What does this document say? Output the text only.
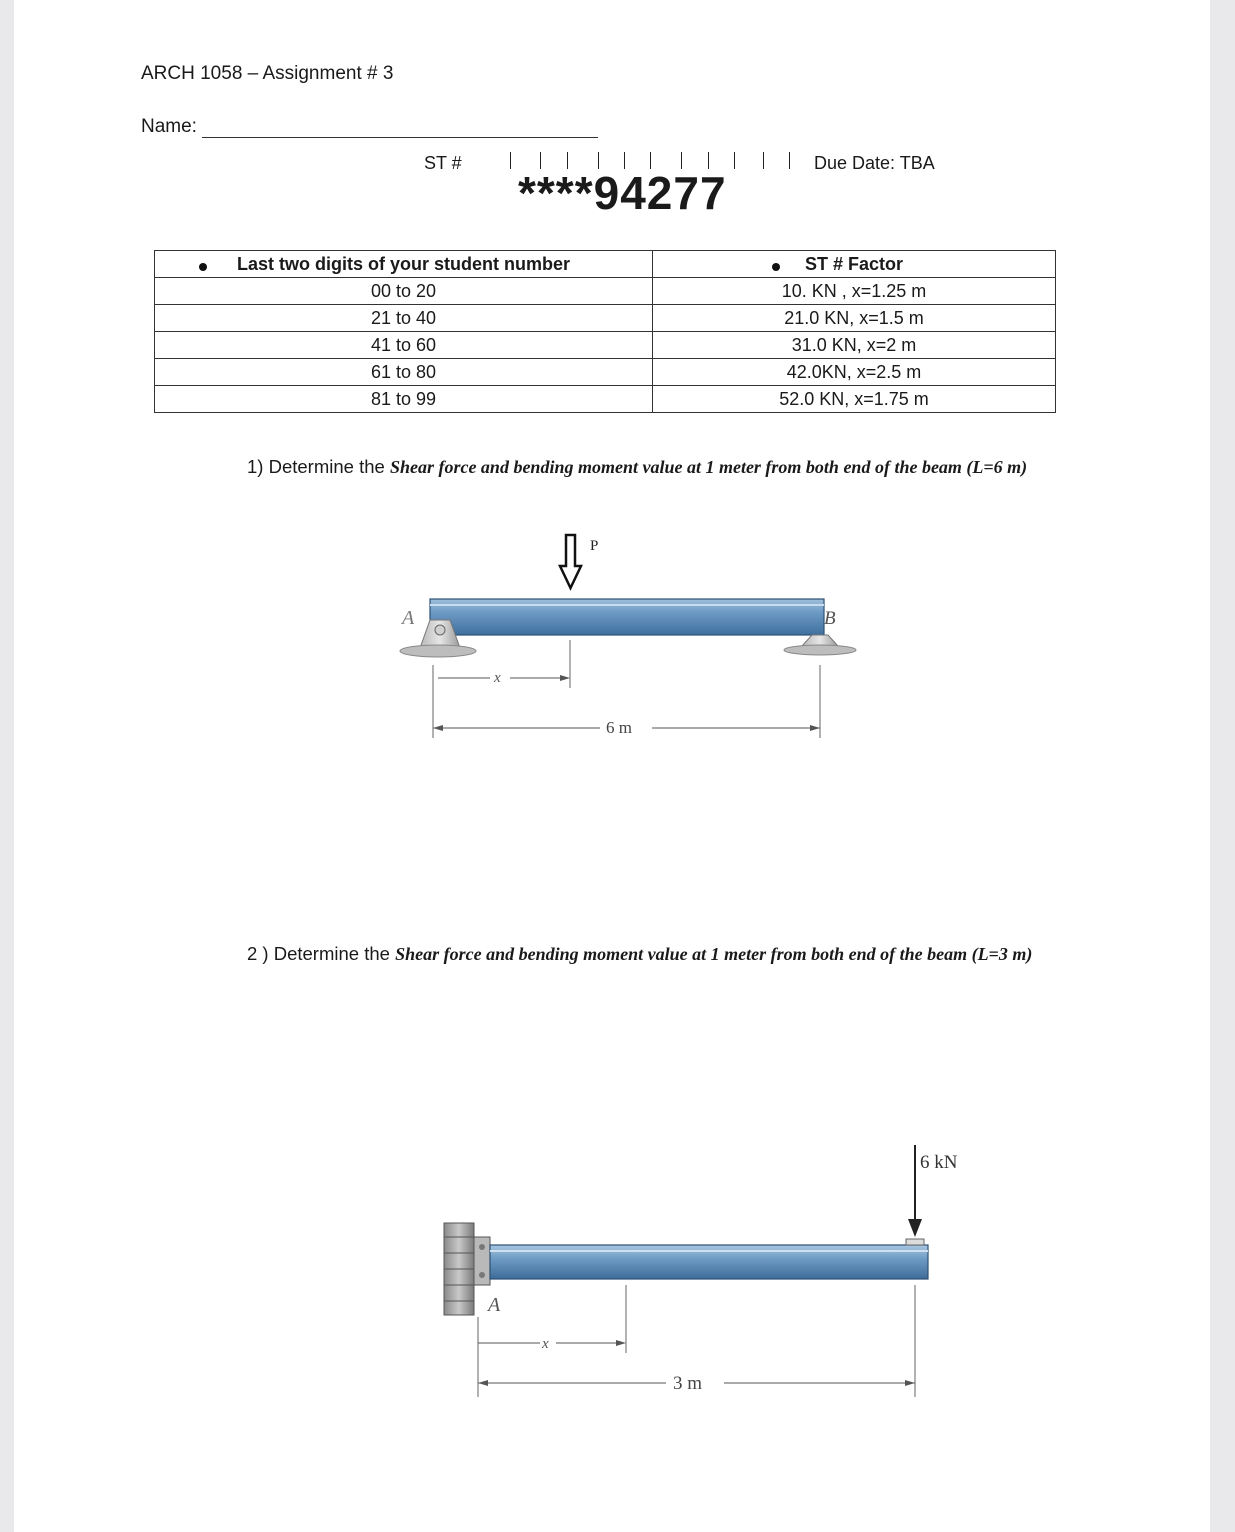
ARCH 1058 – Assignment # 3
Name:
ST #
****94277
Due Date: TBA
Last two digits of your student number	ST # Factor

00 to 20	10. KN , x=1.25 m
21 to 40	21.0 KN, x=1.5 m
41 to 60	31.0 KN, x=2 m
61 to 80	42.0KN, x=2.5 m
81 to 99	52.0 KN, x=1.75 m
1) Determine the Shear force and bending moment value at 1 meter from both end of the beam (L=6 m)
A	B
P
x
6 m
2 ) Determine the Shear force and bending moment value at 1 meter from both end of the beam (L=3 m)
A
6 kN
x
3 m
